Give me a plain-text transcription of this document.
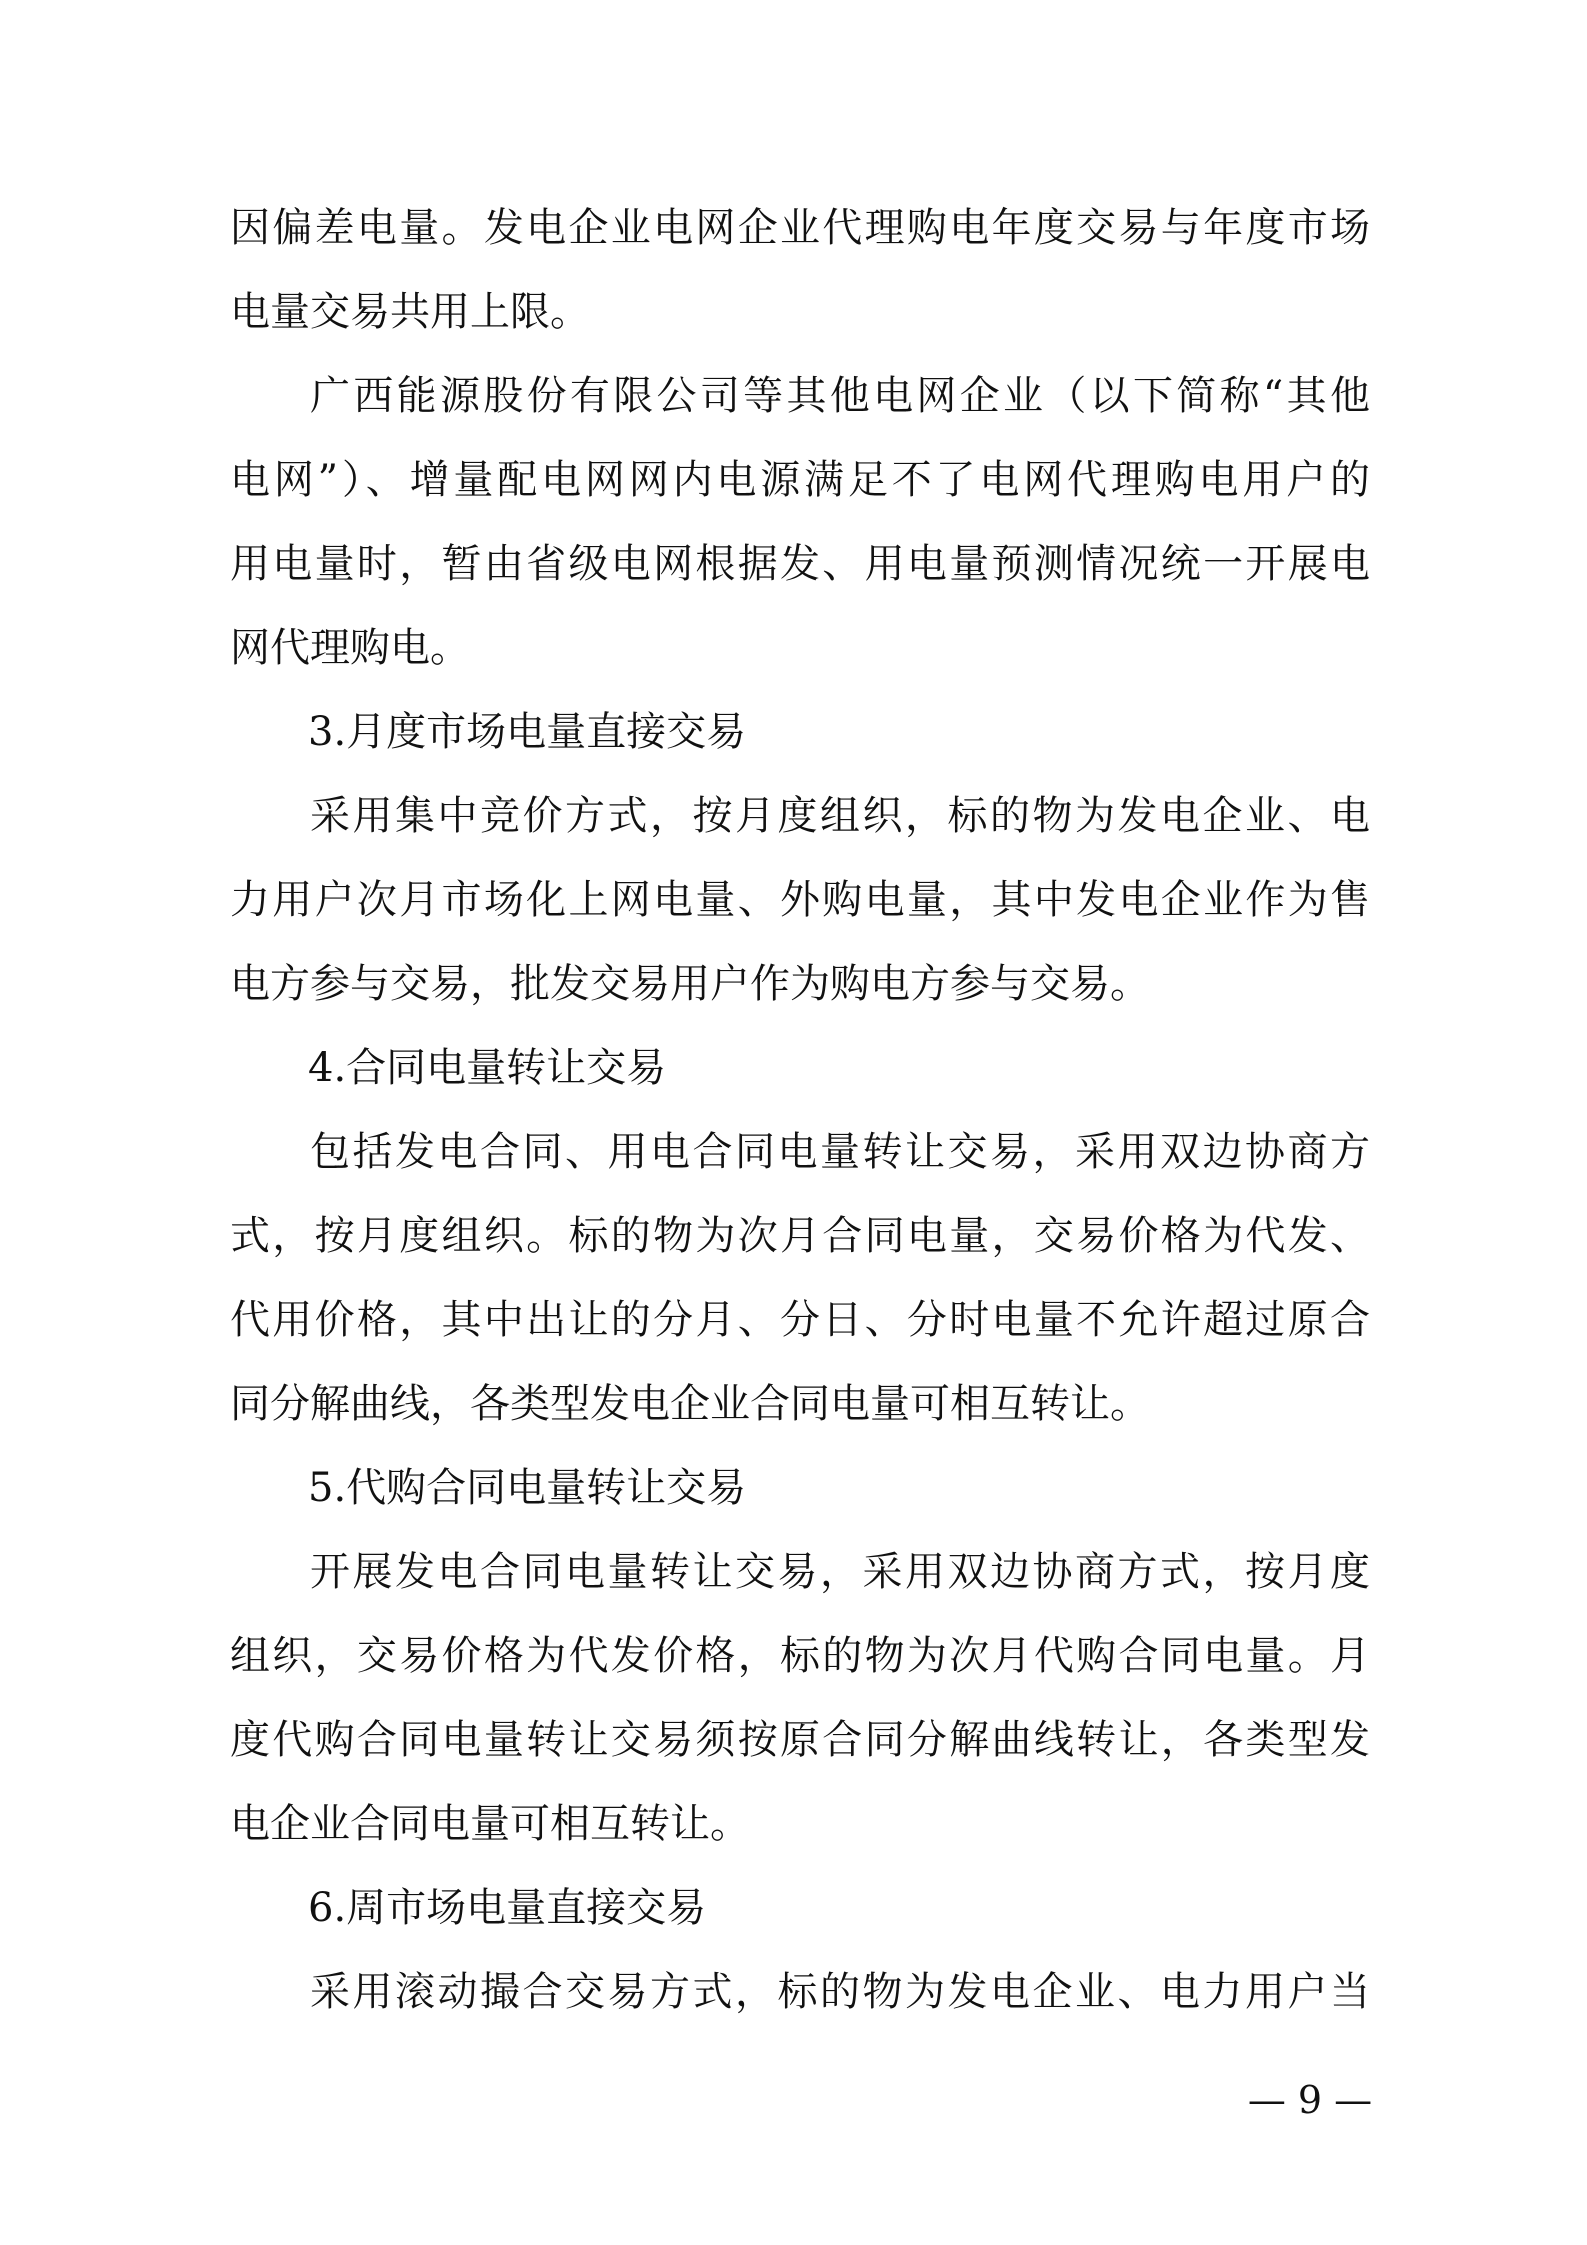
因偏差电量。发电企业电网企业代理购电年度交易与年度市场
电量交易共用上限。
广西能源股份有限公司等其他电网企业（以下简称“其他
电网”）、增量配电网网内电源满足不了电网代理购电用户的
用电量时，暂由省级电网根据发、用电量预测情况统一开展电
网代理购电。
3.月度市场电量直接交易
采用集中竞价方式，按月度组织，标的物为发电企业、电
力用户次月市场化上网电量、外购电量，其中发电企业作为售
电方参与交易，批发交易用户作为购电方参与交易。
4.合同电量转让交易
包括发电合同、用电合同电量转让交易，采用双边协商方
式，按月度组织。标的物为次月合同电量，交易价格为代发、
代用价格，其中出让的分月、分日、分时电量不允许超过原合
同分解曲线，各类型发电企业合同电量可相互转让。
5.代购合同电量转让交易
开展发电合同电量转让交易，采用双边协商方式，按月度
组织，交易价格为代发价格，标的物为次月代购合同电量。月
度代购合同电量转让交易须按原合同分解曲线转让，各类型发
电企业合同电量可相互转让。
6.周市场电量直接交易
采用滚动撮合交易方式，标的物为发电企业、电力用户当
— 9 —
